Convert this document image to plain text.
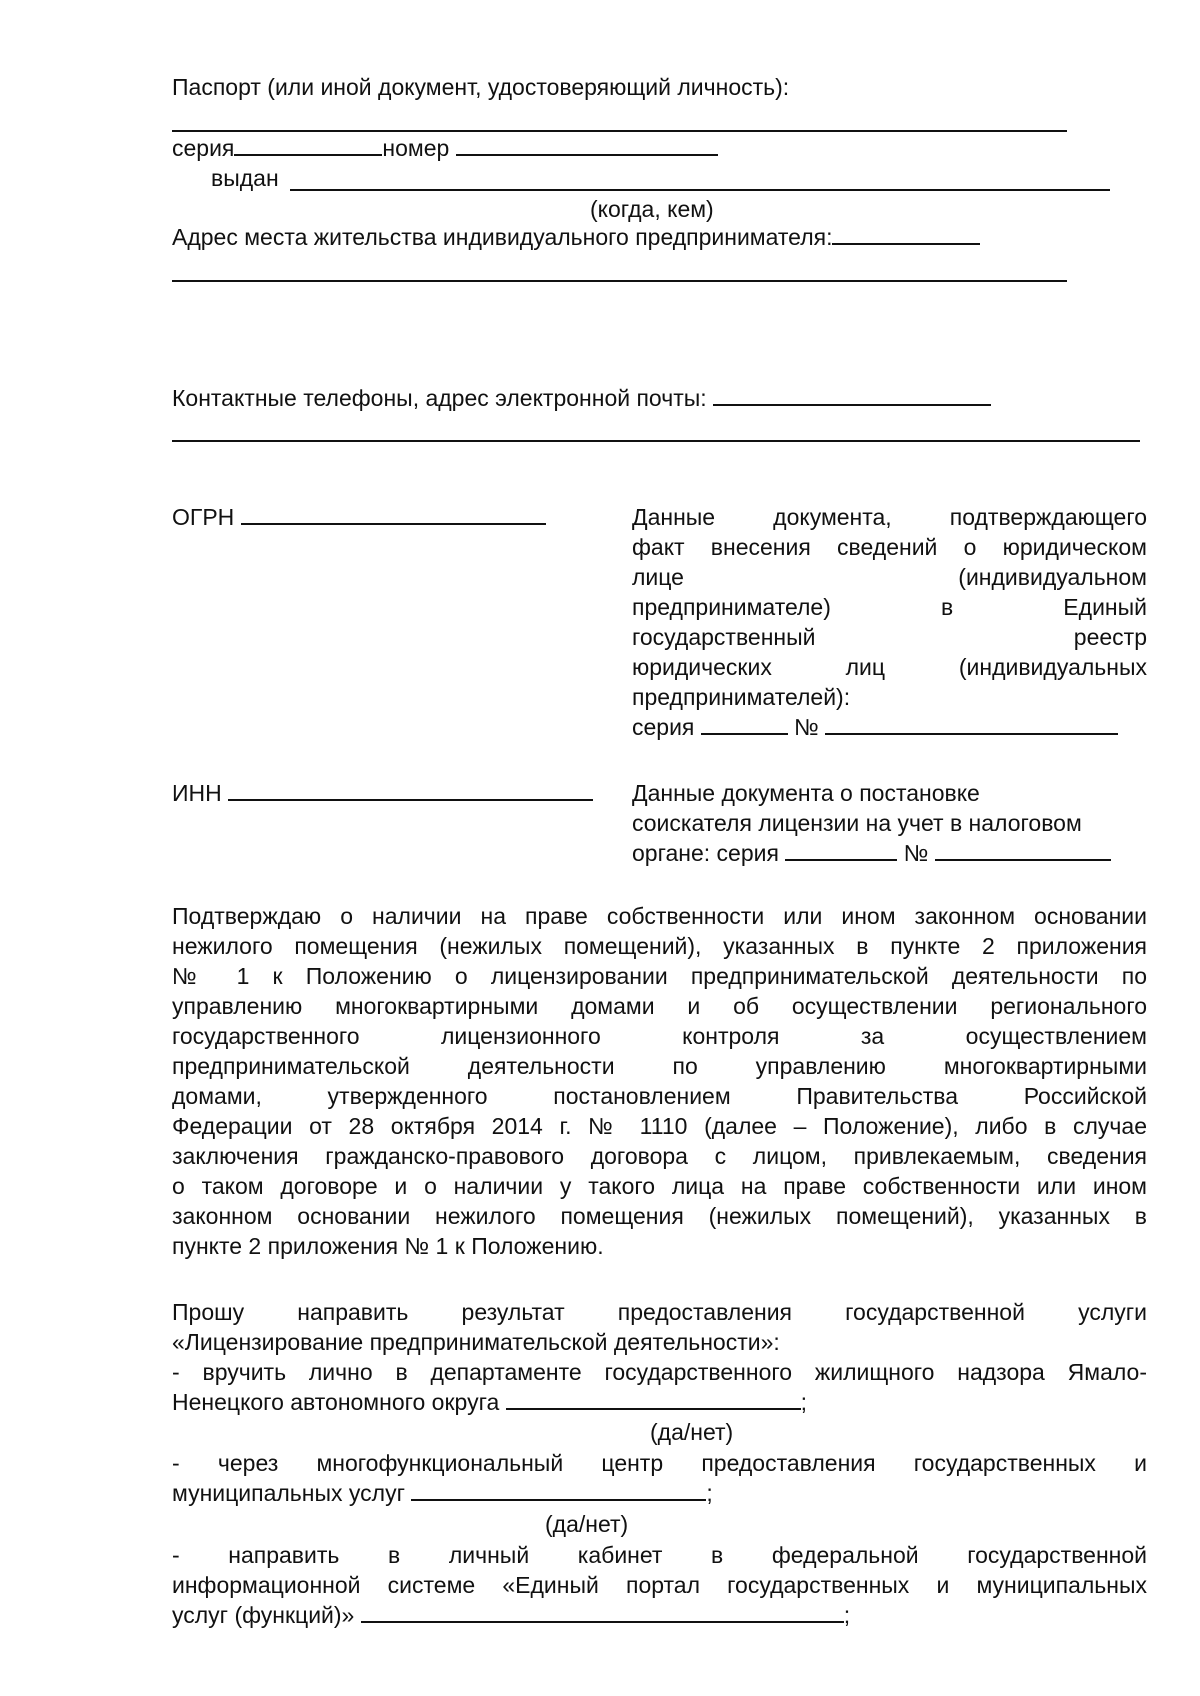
Паспорт (или иной документ, удостоверяющий личность):
серия	номер
выдан
(когда, кем)
Адрес места жительства индивидуального предпринимателя:
Контактные телефоны, адрес электронной почты:
ОГРН	Данные документа, подтверждающего
факт внесения сведений о юридическом
лице (индивидуальном
предпринимателе) в Единый
государственный реестр
юридических лиц (индивидуальных
предпринимателей):
серия	№
ИНН	Данные документа о постановке
соискателя лицензии на учет в налоговом
органе: серия	№
Подтверждаю о наличии на праве собственности или ином законном основании
нежилого помещения (нежилых помещений), указанных в пункте 2 приложения
№ 1 к Положению о лицензировании предпринимательской деятельности по
управлению многоквартирными домами и об осуществлении регионального
государственного лицензионного контроля за осуществлением
предпринимательской деятельности по управлению многоквартирными
домами, утвержденного постановлением Правительства Российской
Федерации от 28 октября 2014 г. № 1110 (далее – Положение), либо в случае
заключения гражданско-правового договора с лицом, привлекаемым, сведения
о таком договоре и о наличии у такого лица на праве собственности или ином
законном основании нежилого помещения (нежилых помещений), указанных в
пункте 2 приложения № 1 к Положению.
Прошу направить результат предоставления государственной услуги
«Лицензирование предпринимательской деятельности»:
- вручить лично в департаменте государственного жилищного надзора Ямало-
Ненецкого автономного округа	;
(да/нет)
- через многофункциональный центр предоставления государственных и
муниципальных услуг	;
(да/нет)
- направить в личный кабинет в федеральной государственной
информационной системе «Единый портал государственных и муниципальных
услуг (функций)»	;
